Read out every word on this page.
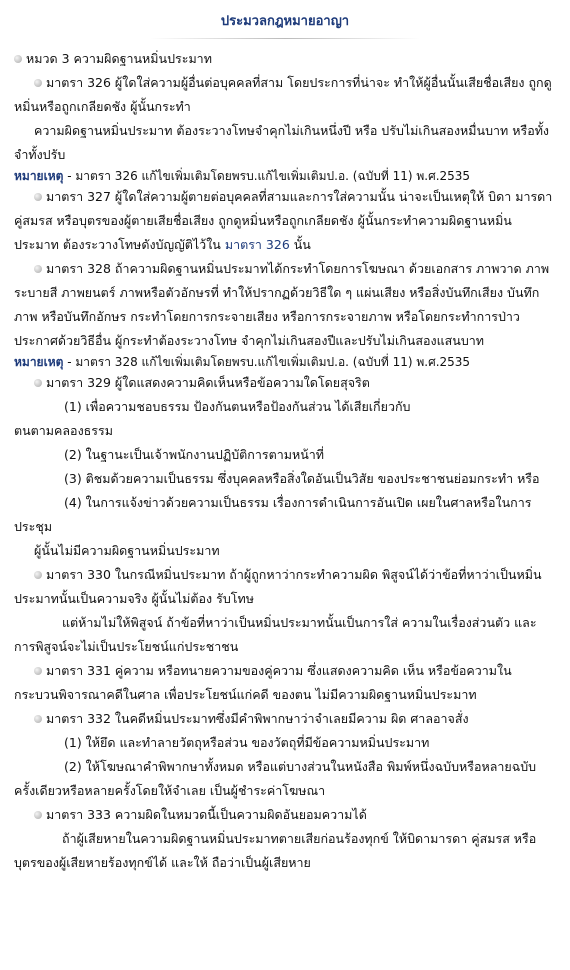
ประมวลกฎหมายอาญา

หมวด 3 ความผิดฐานหมิ่นประมาท

มาตรา 326 ผู้ใดใส่ความผู้อื่นต่อบุคคลที่สาม โดยประการที่น่าจะ ทำให้ผู้อื่นนั้นเสียชื่อเสียง ถูกดู หมิ่นหรือถูกเกลียดชัง ผู้นั้นกระทำ

ความผิดฐานหมิ่นประมาท ต้องระวางโทษจำคุกไม่เกินหนึ่งปี หรือ ปรับไม่เกินสองหมื่นบาท หรือทั้งจำทั้งปรับ

หมายเหตุ - มาตรา 326 แก้ไขเพิ่มเติมโดยพรบ.แก้ไขเพิ่มเติมป.อ. (ฉบับที่ 11) พ.ศ.2535

มาตรา 327 ผู้ใดใส่ความผู้ตายต่อบุคคลที่สามและการใส่ความนั้น น่าจะเป็นเหตุให้ บิดา มารดา คู่สมรส หรือบุตรของผู้ตายเสียชื่อเสียง ถูกดูหมิ่นหรือถูกเกลียดชัง ผู้นั้นกระทำความผิดฐานหมิ่น ประมาท ต้องระวางโทษดังบัญญัติไว้ใน มาตรา 326 นั้น

มาตรา 328 ถ้าความผิดฐานหมิ่นประมาทได้กระทำโดยการโฆษณา ด้วยเอกสาร ภาพวาด ภาพระบายสี ภาพยนตร์ ภาพหรือตัวอักษรที่ ทำให้ปรากฏด้วยวิธีใด ๆ แผ่นเสียง หรือสิ่งบันทึกเสียง บันทึกภาพ หรือบันทึกอักษร กระทำโดยการกระจายเสียง หรือการกระจายภาพ หรือโดยกระทำการป่าว ประกาศด้วยวิธีอื่น ผู้กระทำต้องระวางโทษ จำคุกไม่เกินสองปีและปรับไม่เกินสองแสนบาท

หมายเหตุ - มาตรา 328 แก้ไขเพิ่มเติมโดยพรบ.แก้ไขเพิ่มเติมป.อ. (ฉบับที่ 11) พ.ศ.2535

มาตรา 329 ผู้ใดแสดงความคิดเห็นหรือข้อความใดโดยสุจริต

(1) เพื่อความชอบธรรม ป้องกันตนหรือป้องกันส่วน ได้เสียเกี่ยวกับ

ตนตามคลองธรรม

(2) ในฐานะเป็นเจ้าพนักงานปฏิบัติการตามหน้าที่

(3) ติชมด้วยความเป็นธรรม ซึ่งบุคคลหรือสิ่งใดอันเป็นวิสัย ของประชาชนย่อมกระทำ หรือ

(4) ในการแจ้งข่าวด้วยความเป็นธรรม เรื่องการดำเนินการอันเปิด เผยในศาลหรือในการ

ประชุม

ผู้นั้นไม่มีความผิดฐานหมิ่นประมาท

มาตรา 330 ในกรณีหมิ่นประมาท ถ้าผู้ถูกหาว่ากระทำความผิด พิสูจน์ได้ว่าข้อที่หาว่าเป็นหมิ่น ประมาทนั้นเป็นความจริง ผู้นั้นไม่ต้อง รับโทษ

แต่ห้ามไม่ให้พิสูจน์ ถ้าข้อที่หาว่าเป็นหมิ่นประมาทนั้นเป็นการใส่ ความในเรื่องส่วนตัว และการพิสูจน์จะไม่เป็นประโยชน์แก่ประชาชน

มาตรา 331 คู่ความ หรือทนายความของคู่ความ ซึ่งแสดงความคิด เห็น หรือข้อความในกระบวนพิจารณาคดีในศาล เพื่อประโยชน์แก่คดี ของตน ไม่มีความผิดฐานหมิ่นประมาท

มาตรา 332 ในคดีหมิ่นประมาทซึ่งมีคำพิพากษาว่าจำเลยมีความ ผิด ศาลอาจสั่ง

(1) ให้ยึด และทำลายวัตถุหรือส่วน ของวัตถุที่มีข้อความหมิ่นประมาท

(2) ให้โฆษณาคำพิพากษาทั้งหมด หรือแต่บางส่วนในหนังสือ พิมพ์หนึ่งฉบับหรือหลายฉบับ ครั้งเดียวหรือหลายครั้งโดยให้จำเลย เป็นผู้ชำระค่าโฆษณา

มาตรา 333 ความผิดในหมวดนี้เป็นความผิดอันยอมความได้

ถ้าผู้เสียหายในความผิดฐานหมิ่นประมาทตายเสียก่อนร้องทุกข์ ให้บิดามารดา คู่สมรส หรือบุตรของผู้เสียหายร้องทุกข์ได้ และให้ ถือว่าเป็นผู้เสียหาย
